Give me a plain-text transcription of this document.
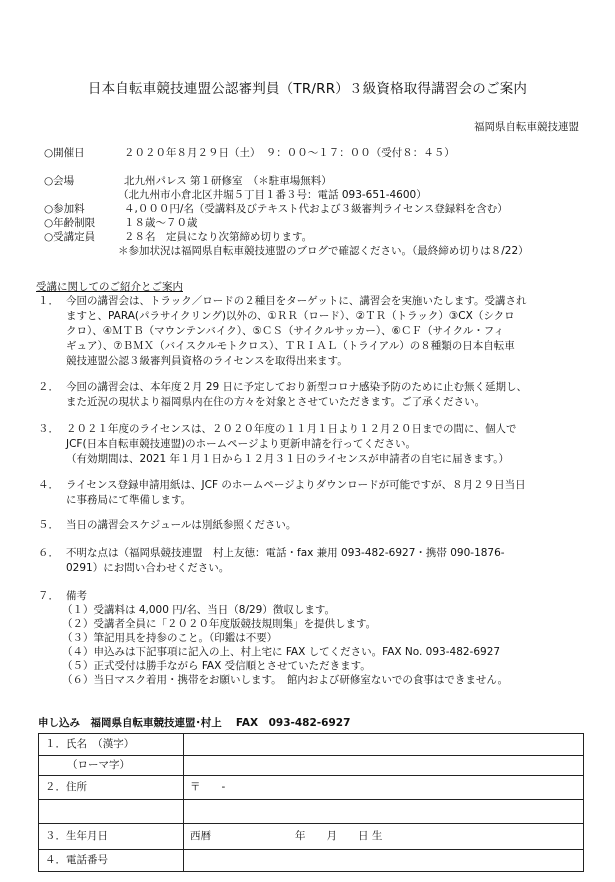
日本自転車競技連盟公認審判員（TR/RR）３級資格取得講習会のご案内
福岡県自転車競技連盟
○開催日	２０２０年８月２９日（土）　９：００～１７：００（受付８：４５）
○会場	北九州パレス 第１研修室　（＊駐車場無料）
（北九州市小倉北区井堀５丁目１番３号：電話 093-651-4600）
○参加料	４,０００円/名（受講料及びテキスト代および３級審判ライセンス登録料を含む）
○年齢制限	１８歳～７０歳
○受講定員	２８名　定員になり次第締め切ります。
＊参加状況は福岡県自転車競技連盟のブログで確認ください。（最終締め切りは８/22）
受講に関してのご紹介とご案内
１． 今回の講習会は、トラック／ロードの２種目をターゲットに、講習会を実施いたします。受講され

ますと、PARA(パラサイクリング)以外の、①ＲＲ（ロード）、②ＴＲ（トラック）③CX（シクロ

クロ）、④ＭＴＢ（マウンテンバイク）、⑤ＣＳ（サイクルサッカー）、⑥ＣＦ（サイクル・フィ

ギュア）、⑦ＢＭＸ（バイスクルモトクロス）、ＴＲＩＡＬ（トライアル）の８種類の日本自転車

競技連盟公認３級審判員資格のライセンスを取得出来ます。

２． 今回の講習会は、本年度２月 29 日に予定しており新型コロナ感染予防のために止む無く延期し、

また近況の現状より福岡県内在住の方々を対象とさせていただきます。ご了承ください。

３． ２０２１年度のライセンスは、２０２０年度の１１月１日より１２月２０日までの間に、個人で

JCF(日本自転車競技連盟)のホームページより更新申請を行ってください。

（有効期間は、2021 年１月１日から１２月３１日のライセンスが申請者の自宅に届きます。）

４． ライセンス登録申請用紙は、JCF のホームページよりダウンロードが可能ですが、８月２９日当日

に事務局にて準備します。

５． 当日の講習会スケジュールは別紙参照ください。

６． 不明な点は（福岡県競技連盟　村上友徳：電話・fax 兼用 093-482-6927・携帯 090-1876-

0291）にお問い合わせください。

７． 備考

（１）受講料は 4,000 円/名、当日（8/29）徴収します。
（２）受講者全員に「２０２０年度版競技規則集」を提供します。
（３）筆記用具を持参のこと。（印鑑は不要）
（４）申込みは下記事項に記入の上、村上宅に FAX してください。FAX No. 093-482-6927
（５）正式受付は勝手ながら FAX 受信順とさせていただきます。
（６）当日マスク着用・携帯をお願いします。　館内および研修室ないでの食事はできません。
申し込み　福岡県自転車競技連盟･村上　 FAX　093-482-6927
１．氏名　（漢字）	
（ローマ字）	
２．住所	〒　　-

３．生年月日	西暦　　　　　　　　年　　月　　日 生
４．電話番号	
